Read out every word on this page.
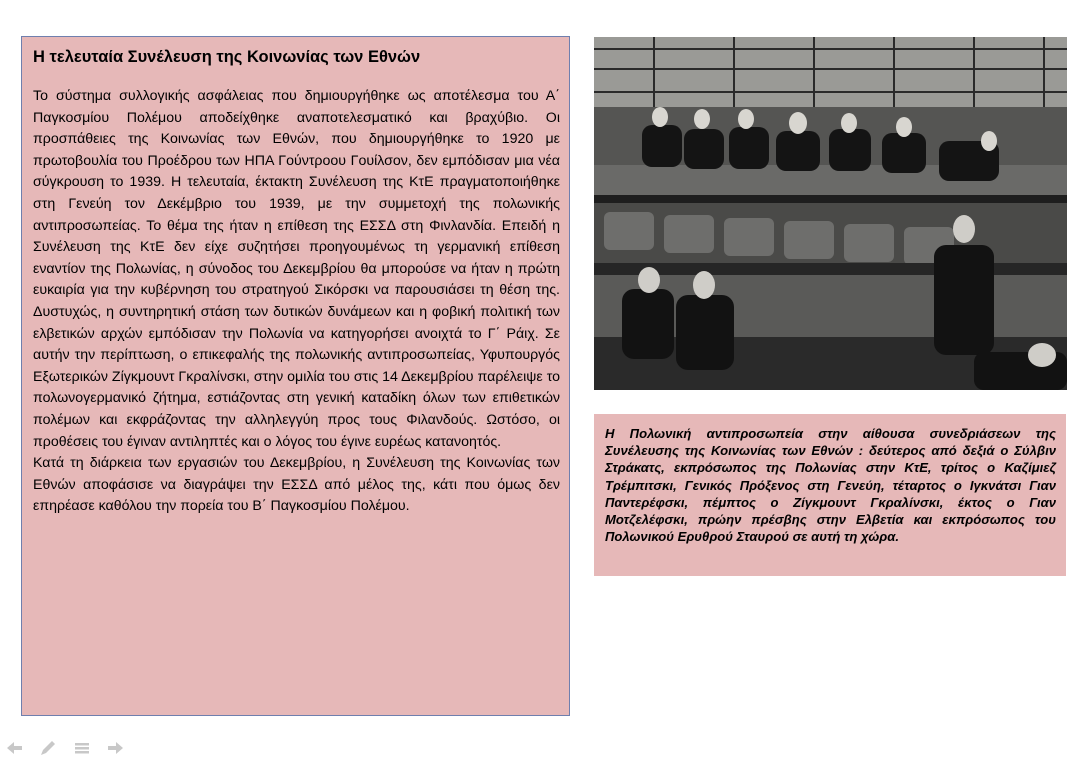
Η τελευταία Συνέλευση της Κοινωνίας των Εθνών

Το σύστημα συλλογικής ασφάλειας που δημιουργήθηκε ως αποτέλεσμα του Α΄ Παγκοσμίου Πολέμου αποδείχθηκε αναποτελεσματικό και βραχύβιο. Οι προσπάθειες της Κοινωνίας των Εθνών, που δημιουργήθηκε το 1920 με πρωτοβουλία του Προέδρου των ΗΠΑ Γούντροου Γουίλσον, δεν εμπόδισαν μια νέα σύγκρουση το 1939. Η τελευταία, έκτακτη Συνέλευση της ΚτΕ πραγματοποιήθηκε στη Γενεύη τον Δεκέμβριο του 1939, με την συμμετοχή της πολωνικής αντιπροσωπείας. Το θέμα της ήταν η επίθεση της ΕΣΣΔ στη Φινλανδία. Επειδή η Συνέλευση της ΚτΕ δεν είχε συζητήσει προηγουμένως τη γερμανική επίθεση εναντίον της Πολωνίας, η σύνοδος του Δεκεμβρίου θα μπορούσε να ήταν η πρώτη ευκαιρία για την κυβέρνηση του στρατηγού Σικόρσκι να παρουσιάσει τη θέση της. Δυστυχώς, η συντηρητική στάση των δυτικών δυνάμεων και η φοβική πολιτική των ελβετικών αρχών εμπόδισαν την Πολωνία να κατηγορήσει ανοιχτά το Γ΄ Ράιχ. Σε αυτήν την περίπτωση, ο επικεφαλής της πολωνικής αντιπροσωπείας, Υφυπουργός Εξωτερικών Ζίγκμουντ Γκραλίνσκι, στην ομιλία του στις 14 Δεκεμβρίου παρέλειψε το πολωνογερμανικό ζήτημα, εστιάζοντας στη γενική καταδίκη όλων των επιθετικών πολέμων και εκφράζοντας την αλληλεγγύη προς τους Φιλανδούς. Ωστόσο, οι προθέσεις του έγιναν αντιληπτές και ο λόγος του έγινε ευρέως κατανοητός.

Κατά τη διάρκεια των εργασιών του Δεκεμβρίου, η Συνέλευση της Κοινωνίας των Εθνών αποφάσισε να διαγράψει την ΕΣΣΔ από μέλος της, κάτι που όμως δεν επηρέασε καθόλου την πορεία του Β΄ Παγκοσμίου Πολέμου.

Η Πολωνική αντιπροσωπεία στην αίθουσα συνεδριάσεων της Συνέλευσης της Κοινωνίας των Εθνών : δεύτερος από δεξιά ο Σύλβιν Στράκατς, εκπρόσωπος της Πολωνίας στην ΚτΕ, τρίτος ο Καζίμιεζ Τρέμπιτσκι, Γενικός Πρόξενος στη Γενεύη, τέταρτος ο Ιγκνάτσι Γιαν Παντερέφσκι, πέμπτος ο Ζίγκμουντ Γκραλίνσκι, έκτος ο Γιαν Μοτζελέφσκι, πρώην πρέσβης στην Ελβετία και εκπρόσωπος του Πολωνικού Ερυθρού Σταυρού σε αυτή τη χώρα.
